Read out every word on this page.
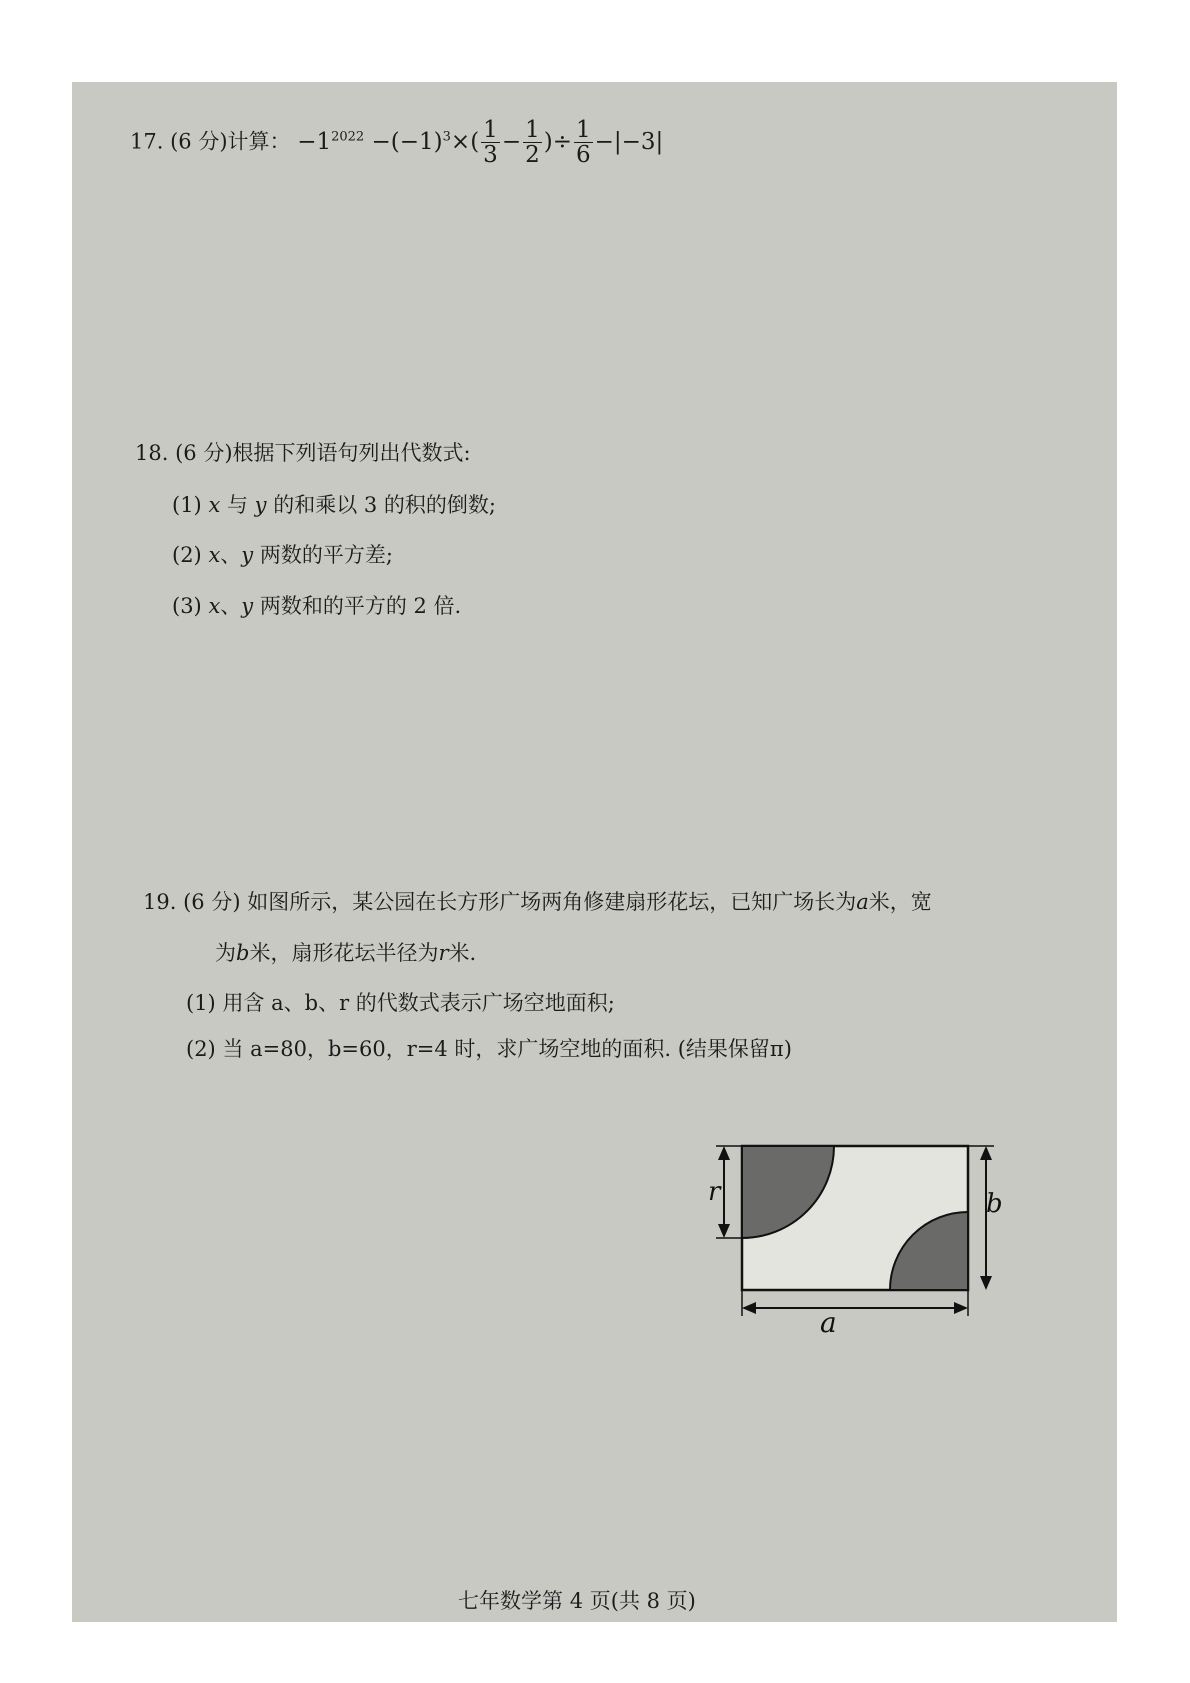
17. (6 分)计算： $-1^{2022} -(-1)^3\times( \frac{1}{3} - \frac{1}{2}$ )÷ $\frac{1}{6} -|-3|$
18. (6 分)根据下列语句列出代数式:
(1) x 与 y 的和乘以 3 的积的倒数;
(2) x、y 两数的平方差;
(3) x、y 两数和的平方的 2 倍.
19. (6 分) 如图所示，某公园在长方形广场两角修建扇形花坛，已知广场长为a米，宽
为b米，扇形花坛半径为r米.
(1) 用含 a、b、r 的代数式表示广场空地面积;
(2) 当 a=80，b=60，r=4 时，求广场空地的面积. (结果保留π)
r	b
a
七年数学第 4 页(共 8 页)
